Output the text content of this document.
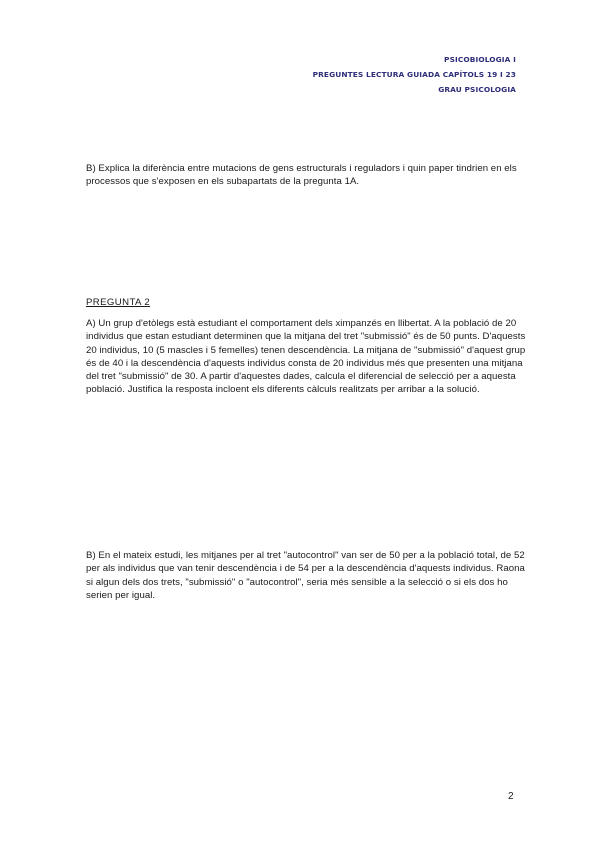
PSICOBIOLOGIA I
PREGUNTES LECTURA GUIADA CAPÍTOLS 19 I 23
GRAU PSICOLOGIA

B) Explica la diferència entre mutacions de gens estructurals i reguladors i quin paper tindrien en els processos que s'exposen en els subapartats de la pregunta 1A.

PREGUNTA 2

A) Un grup d'etòlegs està estudiant el comportament dels ximpanzés en llibertat. A la població de 20 individus que estan estudiant determinen que la mitjana del tret "submissió" és de 50 punts. D'aquests 20 individus, 10 (5 mascles i 5 femelles) tenen descendència. La mitjana de "submissió" d'aquest grup és de 40 i la descendència d'aquests individus consta de 20 individus més que presenten una mitjana del tret "submissió" de 30. A partir d'aquestes dades, calcula el diferencial de selecció per a aquesta població. Justifica la resposta incloent els diferents càlculs realitzats per arribar a la solució.

B) En el mateix estudi, les mitjanes per al tret "autocontrol" van ser de 50 per a la població total, de 52 per als individus que van tenir descendència i de 54 per a la descendència d'aquests individus. Raona si algun dels dos trets, "submissió" o "autocontrol", seria més sensible a la selecció o si els dos ho serien per igual.

2
